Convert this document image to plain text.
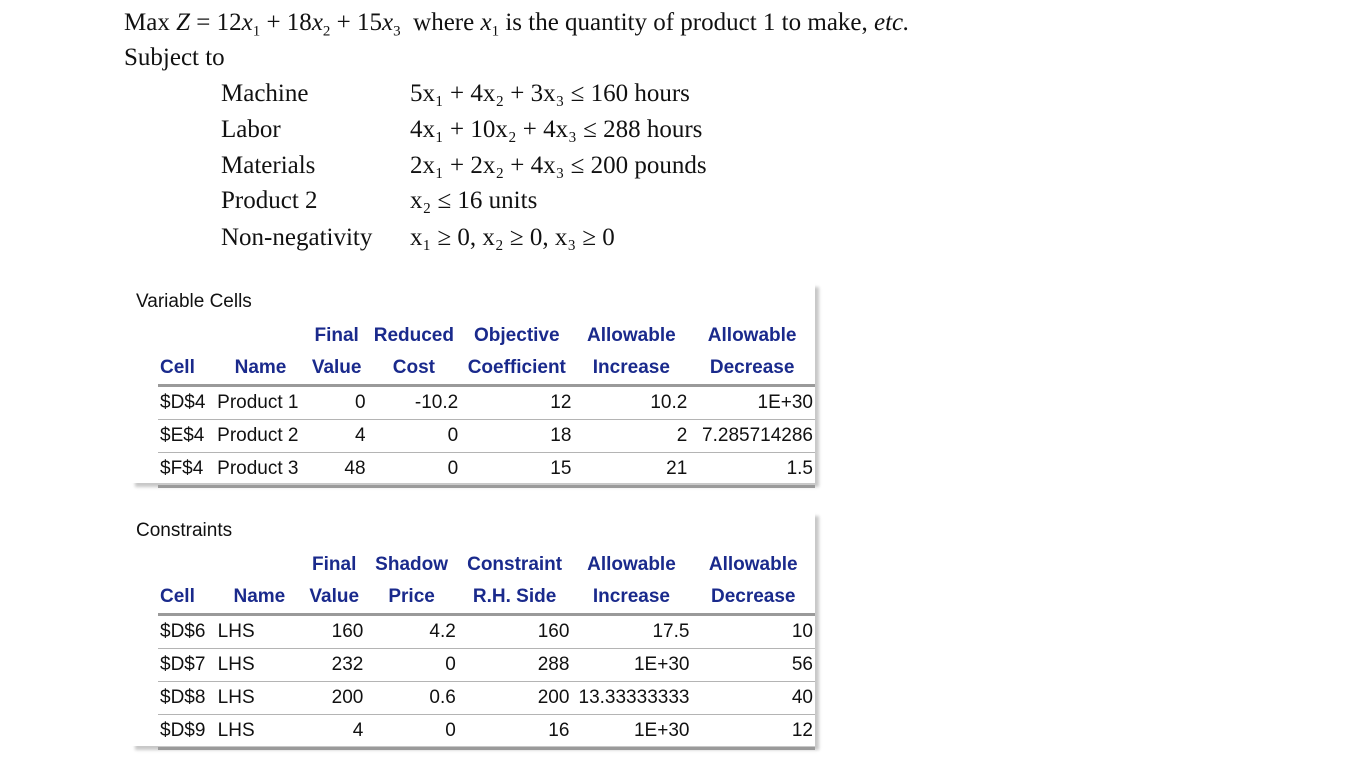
Max $Z = 12x_1 + 18x_2 + 15x_3$ where $x_1$ is the quantity of product 1 to make, etc.
Subject to
Machine	5x₁ + 4x₂ + 3x₃ ≤ 160 hours
Labor	4x₁ + 10x₂ + 4x₃ ≤ 288 hours
Materials	2x₁ + 2x₂ + 4x₃ ≤ 200 pounds
Product 2	x₂ ≤ 16 units
Non-negativity x₁ ≥ 0, x₂ ≥ 0, x₃ ≥ 0
Variable Cells
		Final	Reduced	Objective	Allowable	Allowable
Cell	Name	Value	Cost	Coefficient	Increase	Decrease
$D$4	Product 1	0	-10.2	12	10.2	1E+30
$E$4	Product 2	4	0	18	2	7.285714286
$F$4	Product 3	48	0	15	21	1.5
Constraints
		Final	Shadow	Constraint	Allowable	Allowable
Cell	Name	Value	Price	R.H. Side	Increase	Decrease
$D$6	LHS	160	4.2	160	17.5	10
$D$7	LHS	232	0	288	1E+30	56
$D$8	LHS	200	0.6	200	13.33333333	40
$D$9	LHS	4	0	16	1E+30	12
